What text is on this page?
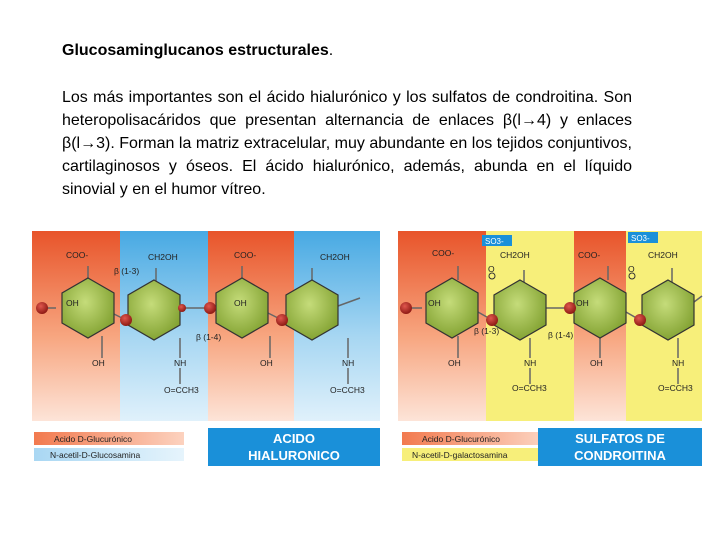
Glucosaminglucanos estructurales.
Los más importantes son el ácido hialurónico y los sulfatos de condroitina. Son heteropolisacáridos que presentan alternancia de enlaces β(l→4) y enlaces β(l→3). Forman la matriz extracelular, muy abundante en los tejidos conjuntivos, cartilaginosos y óseos. El ácido hialurónico, además, abunda en el líquido sinovial y en el humor vítreo.
COO-	CH2OH	COO-	CH2OH
β (1-3)
β (1-4)
OH	OH
OH	OH
NH	NH
O=CCH3	O=CCH3
SO3-	SO3-
COO-	CH2OH	COO-	CH2OH
O	O
β (1-3)	β (1-4)
OH	OH
OH	OH
NH	NH
O=CCH3	O=CCH3
Acido D-Glucurónico
N-acetil-D-Glucosamina
ACIDO
HIALURONICO
Acido D-Glucurónico
N-acetil-D-galactosamina
SULFATOS DE
CONDROITINA
